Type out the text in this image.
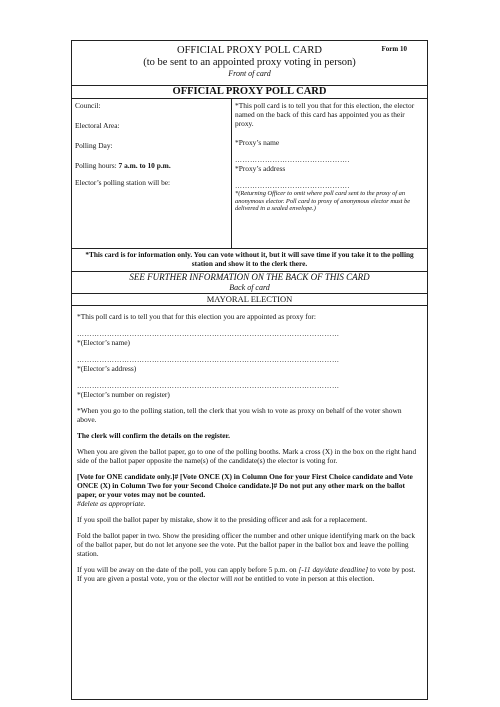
OFFICIAL PROXY POLL CARD	Form 10
(to be sent to an appointed proxy voting in person)
Front of card
OFFICIAL PROXY POLL CARD

Council:

Electoral Area:

Polling Day:

Polling hours: 7 a.m. to 10 p.m.

Elector’s polling station will be:

*This poll card is to tell you that for this election, the elector named on the back of this card has appointed you as their proxy.

*Proxy’s name

……………………………………….

*Proxy’s address

……………………………………….

*(Returning Officer to omit where poll card sent to the proxy of an anonymous elector. Poll card to proxy of anonymous elector must be delivered in a sealed envelope.)

*This card is for information only. You can vote without it, but it will save time if you take it to the polling station and show it to the clerk there.

SEE FURTHER INFORMATION ON THE BACK OF THIS CARD
Back of card
MAYORAL ELECTION

*This poll card is to tell you that for this election you are appointed as proxy for:

……………………………………………………………………………………………

*(Elector’s name)

……………………………………………………………………………………………

*(Elector’s address)

……………………………………………………………………………………………

*(Elector’s number on register)

*When you go to the polling station, tell the clerk that you wish to vote as proxy on behalf of the voter shown above.

The clerk will confirm the details on the register.

When you are given the ballot paper, go to one of the polling booths. Mark a cross (X) in the box on the right hand side of the ballot paper opposite the name(s) of the candidate(s) the elector is voting for.

[Vote for ONE candidate only.]# [Vote ONCE (X) in Column One for your First Choice candidate and Vote ONCE (X) in Column Two for your Second Choice candidate.]# Do not put any other mark on the ballot paper, or your votes may not be counted.

#delete as appropriate.

If you spoil the ballot paper by mistake, show it to the presiding officer and ask for a replacement.

Fold the ballot paper in two. Show the presiding officer the number and other unique identifying mark on the back of the ballot paper, but do not let anyone see the vote. Put the ballot paper in the ballot box and leave the polling station.

If you will be away on the date of the poll, you can apply before 5 p.m. on [-11 day/date deadline] to vote by post. If you are given a postal vote, you or the elector will not be entitled to vote in person at this election.
